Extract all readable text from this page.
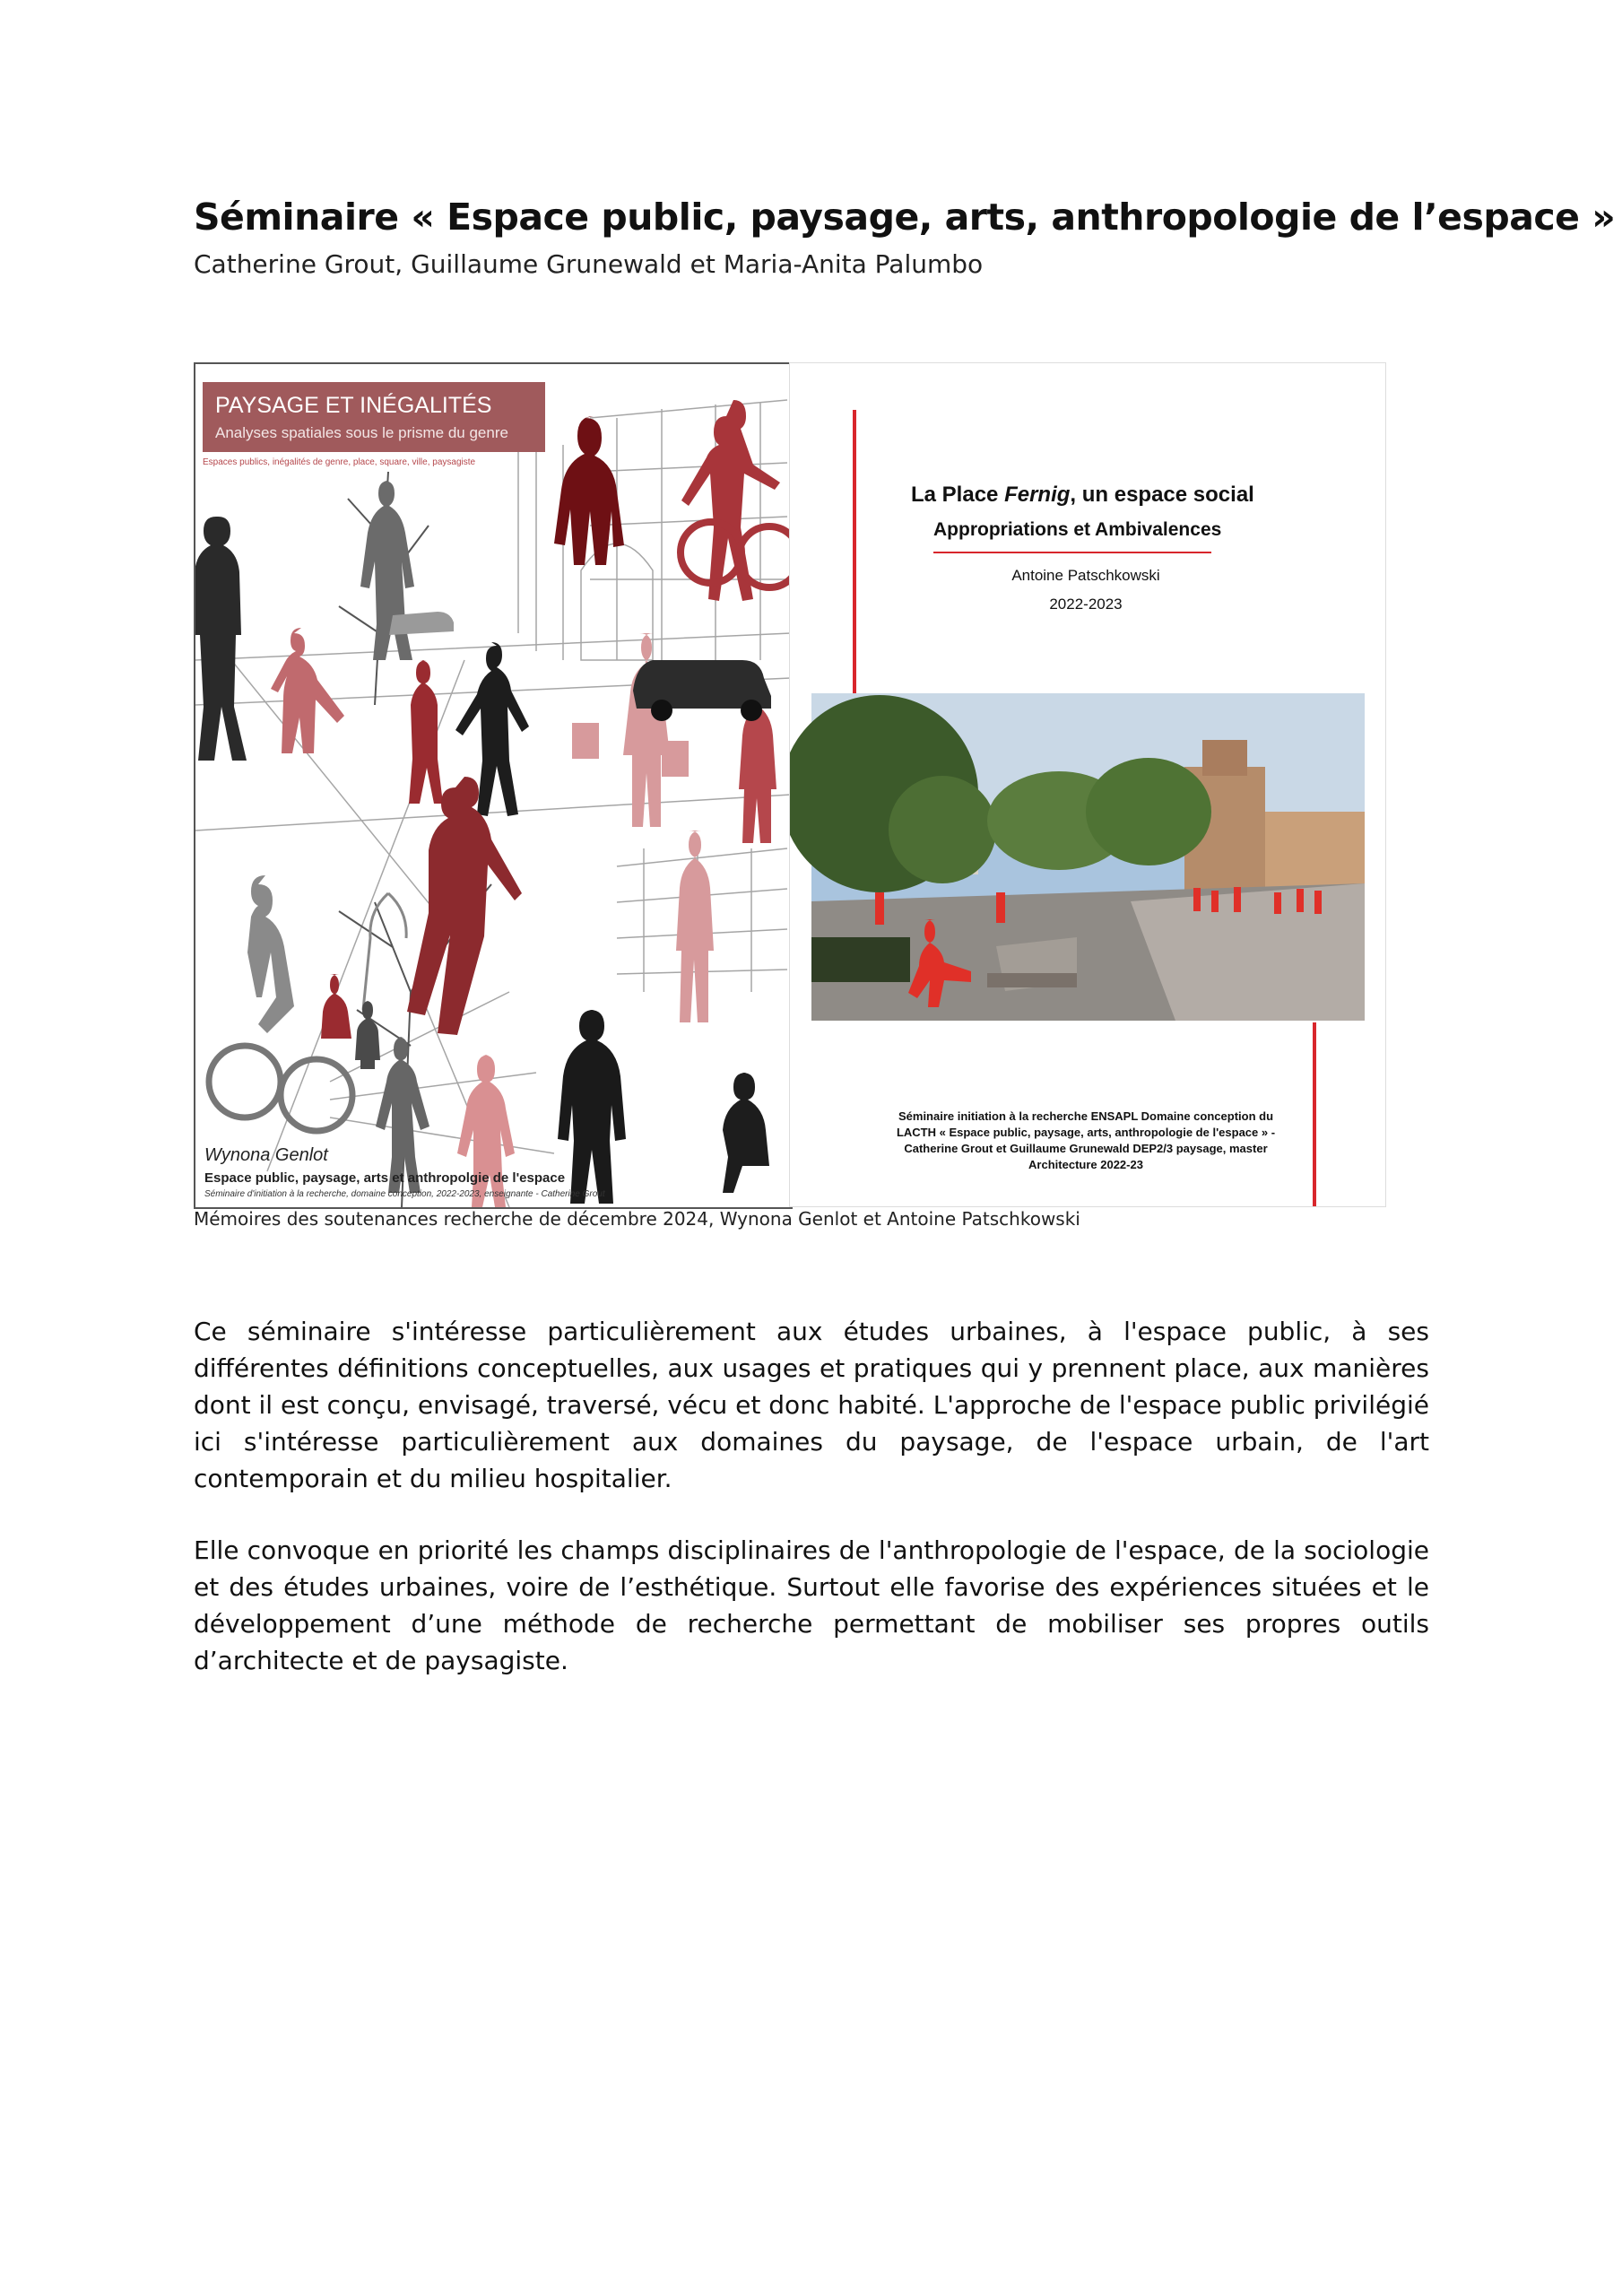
Séminaire « Espace public, paysage, arts, anthropologie de l’espace »
Catherine Grout, Guillaume Grunewald et Maria-Anita Palumbo
PAYSAGE ET INÉGALITÉS
Analyses spatiales sous le prisme du genre
Espaces publics, inégalités de genre, place, square, ville, paysagiste
Wynona Genlot
Espace public, paysage, arts et anthropolgie de l'espace
Séminaire d'initiation à la recherche, domaine conception, 2022-2023, enseignante - Catherine Grout
La Place Fernig, un espace social
Appropriations et Ambivalences
Antoine Patschkowski
2022-2023
Séminaire initiation à la recherche ENSAPL Domaine conception du
LACTH « Espace public, paysage, arts, anthropologie de l'espace » -
Catherine Grout et Guillaume Grunewald DEP2/3 paysage, master
Architecture 2022-23
Mémoires des soutenances recherche de décembre 2024, Wynona Genlot et Antoine Patschkowski

Ce séminaire s'intéresse particulièrement aux études urbaines, à l'espace public, à ses différentes définitions conceptuelles, aux usages et pratiques qui y prennent place, aux manières dont il est conçu, envisagé, traversé, vécu et donc habité. L'approche de l'espace public privilégié ici s'intéresse particulièrement aux domaines du paysage, de l'espace urbain, de l'art contemporain et du milieu hospitalier.

Elle convoque en priorité les champs disciplinaires de l'anthropologie de l'espace, de la sociologie et des études urbaines, voire de l’esthétique. Surtout elle favorise des expériences situées et le développement d’une méthode de recherche permettant de mobiliser ses propres outils d’architecte et de paysagiste.
